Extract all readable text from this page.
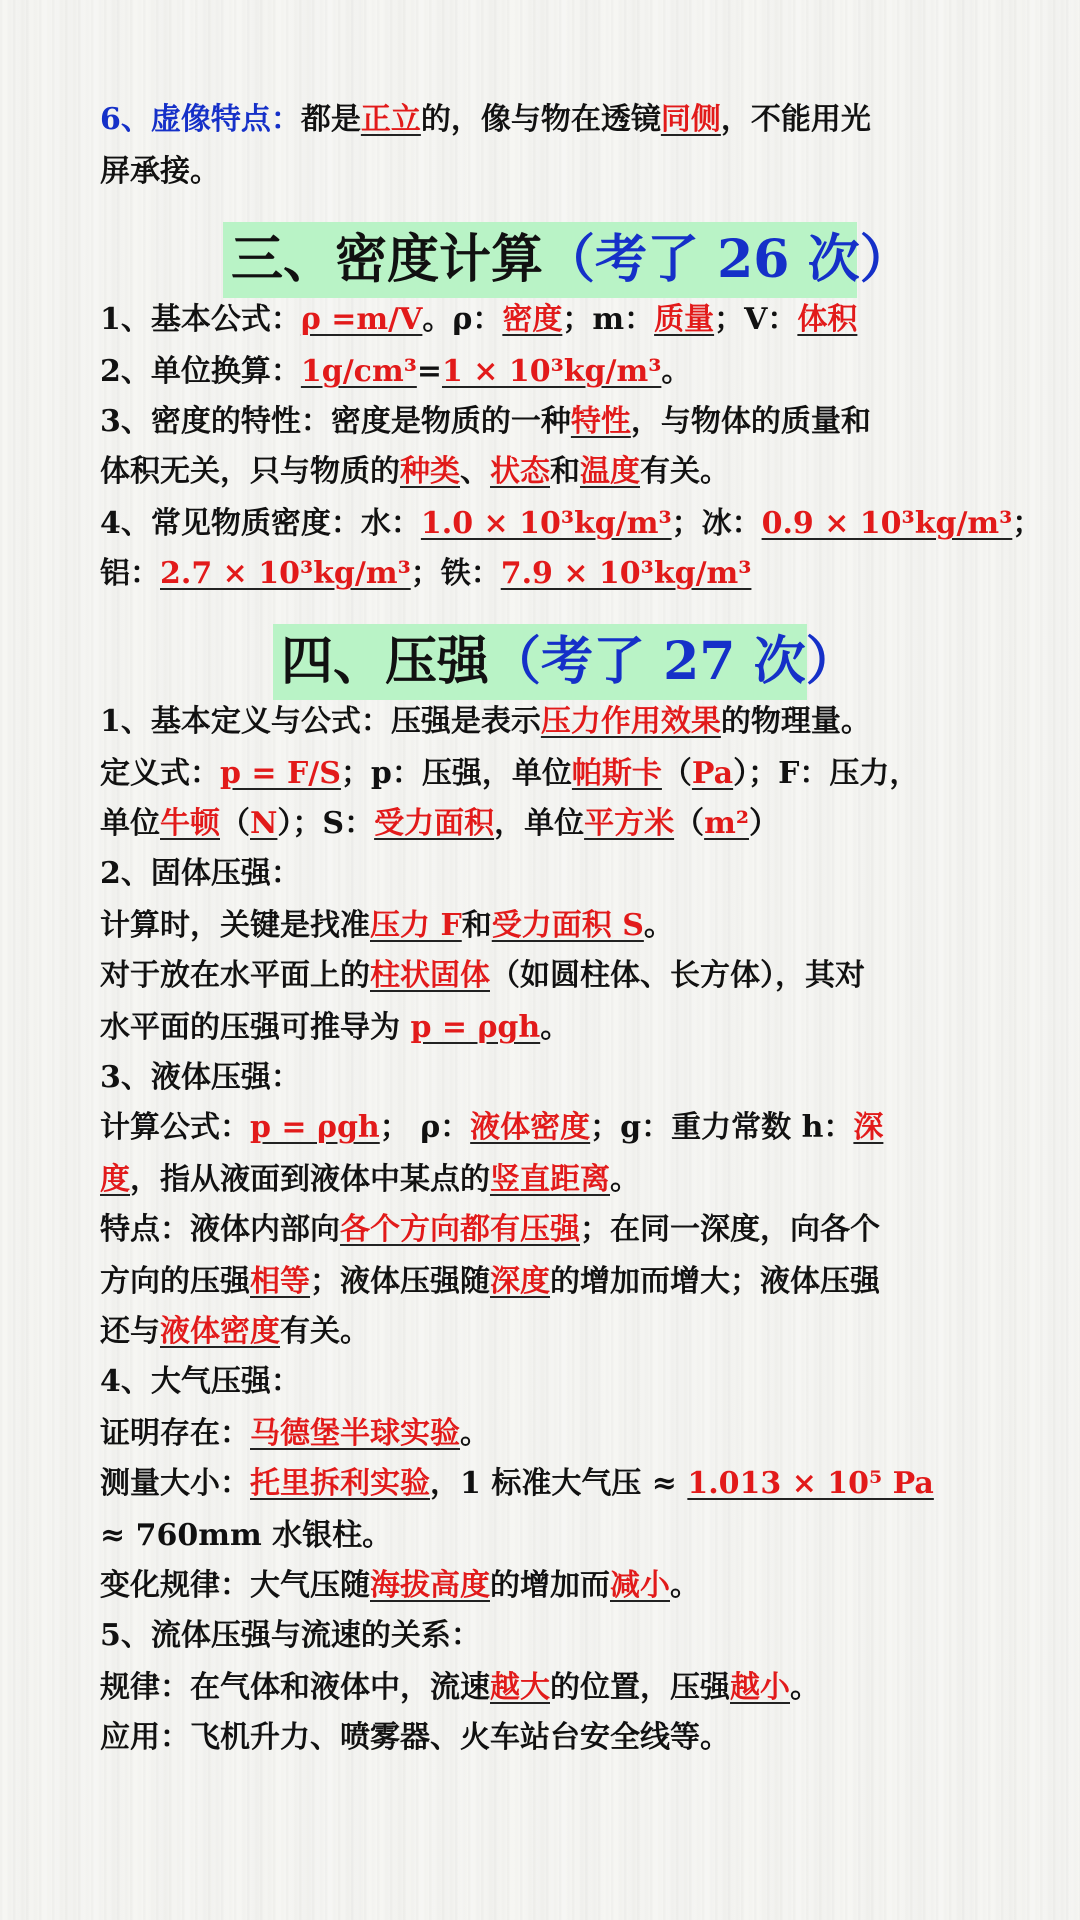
6、虚像特点：都是正立的，像与物在透镜同侧，不能用光
屏承接。
三、密度计算（考了 26 次）
1、基本公式：ρ =m/V。ρ：密度；m：质量；V：体积
2、单位换算：1g/cm³=1 × 10³kg/m³。
3、密度的特性：密度是物质的一种特性，与物体的质量和
体积无关，只与物质的种类、状态和温度有关。
4、常见物质密度：水：1.0 × 10³kg/m³；冰：0.9 × 10³kg/m³；
铝：2.7 × 10³kg/m³；铁：7.9 × 10³kg/m³
四、压强（考了 27 次）
1、基本定义与公式：压强是表示压力作用效果的物理量。
定义式：p = F/S；p：压强，单位帕斯卡（Pa）；F：压力，
单位牛顿（N）；S：受力面积，单位平方米（m²）
2、固体压强：
计算时，关键是找准压力 F和受力面积 S。
对于放在水平面上的柱状固体（如圆柱体、长方体），其对
水平面的压强可推导为 p = ρgh。
3、液体压强：
计算公式：p = ρgh； ρ：液体密度；g：重力常数 h：深
度，指从液面到液体中某点的竖直距离。
特点：液体内部向各个方向都有压强；在同一深度，向各个
方向的压强相等；液体压强随深度的增加而增大；液体压强
还与液体密度有关。
4、大气压强：
证明存在：马德堡半球实验。
测量大小：托里拆利实验，1 标准大气压 ≈ 1.013 × 10⁵ Pa
≈ 760mm 水银柱。
变化规律：大气压随海拔高度的增加而减小。
5、流体压强与流速的关系：
规律：在气体和液体中，流速越大的位置，压强越小。
应用：飞机升力、喷雾器、火车站台安全线等。
